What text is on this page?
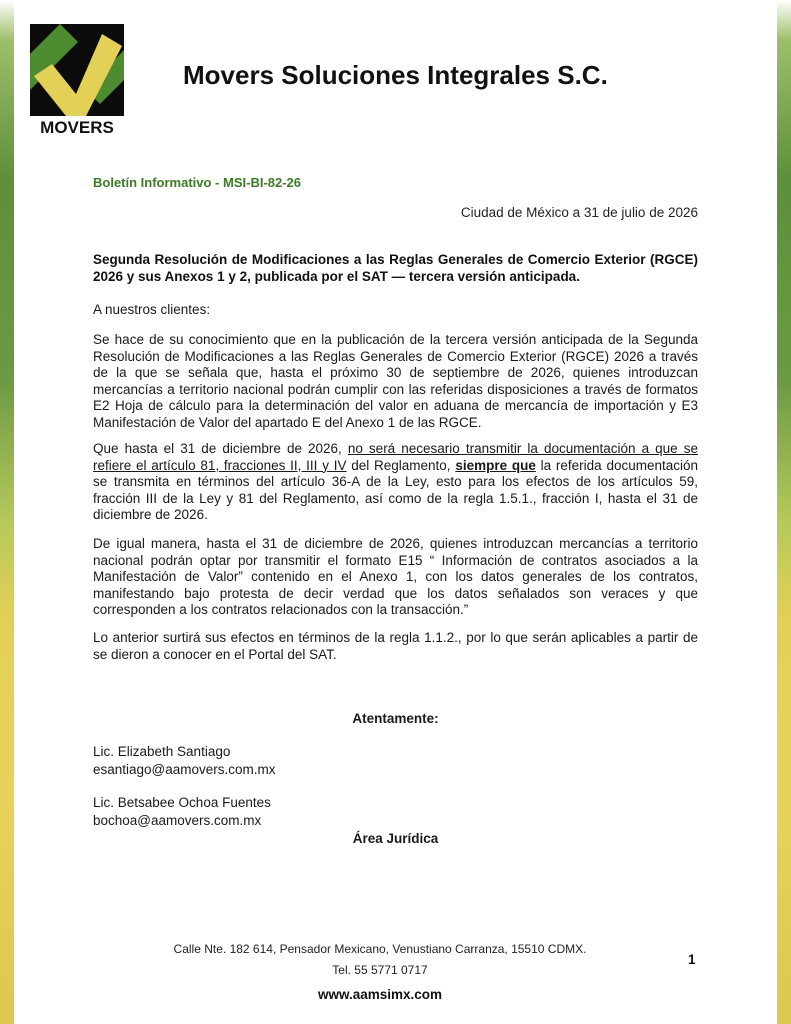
MOVERS
Movers Soluciones Integrales S.C.
Boletín Informativo - MSI-BI-82-26
Ciudad de México a 31 de julio de 2026
Segunda Resolución de Modificaciones a las Reglas Generales de Comercio Exterior (RGCE) 2026 y sus Anexos 1 y 2, publicada por el SAT — tercera versión anticipada.
A nuestros clientes:
Se hace de su conocimiento que en la publicación de la tercera versión anticipada de la Segunda Resolución de Modificaciones a las Reglas Generales de Comercio Exterior (RGCE) 2026 a través de la que se señala que, hasta el próximo 30 de septiembre de 2026, quienes introduzcan mercancías a territorio nacional podrán cumplir con las referidas disposiciones a través de formatos E2 Hoja de cálculo para la determinación del valor en aduana de mercancía de importación y E3 Manifestación de Valor del apartado E del Anexo 1 de las RGCE.
Que hasta el 31 de diciembre de 2026, no será necesario transmitir la documentación a que se refiere el artículo 81, fracciones II, III y IV del Reglamento, siempre que la referida documentación se transmita en términos del artículo 36-A de la Ley, esto para los efectos de los artículos 59, fracción III de la Ley y 81 del Reglamento, así como de la regla 1.5.1., fracción I, hasta el 31 de diciembre de 2026.
De igual manera, hasta el 31 de diciembre de 2026, quienes introduzcan mercancías a territorio nacional podrán optar por transmitir el formato E15 “ Información de contratos asociados a la Manifestación de Valor” contenido en el Anexo 1, con los datos generales de los contratos, manifestando bajo protesta de decir verdad que los datos señalados son veraces y que corresponden a los contratos relacionados con la transacción.”
Lo anterior surtirá sus efectos en términos de la regla 1.1.2., por lo que serán aplicables a partir de se dieron a conocer en el Portal del SAT.
Atentamente:
Lic. Elizabeth Santiago
esantiago@aamovers.com.mx
Lic. Betsabee Ochoa Fuentes
bochoa@aamovers.com.mx
Área Jurídica
Calle Nte. 182 614, Pensador Mexicano, Venustiano Carranza, 15510 CDMX.
Tel. 55 5771 0717
www.aamsimx.com
1
